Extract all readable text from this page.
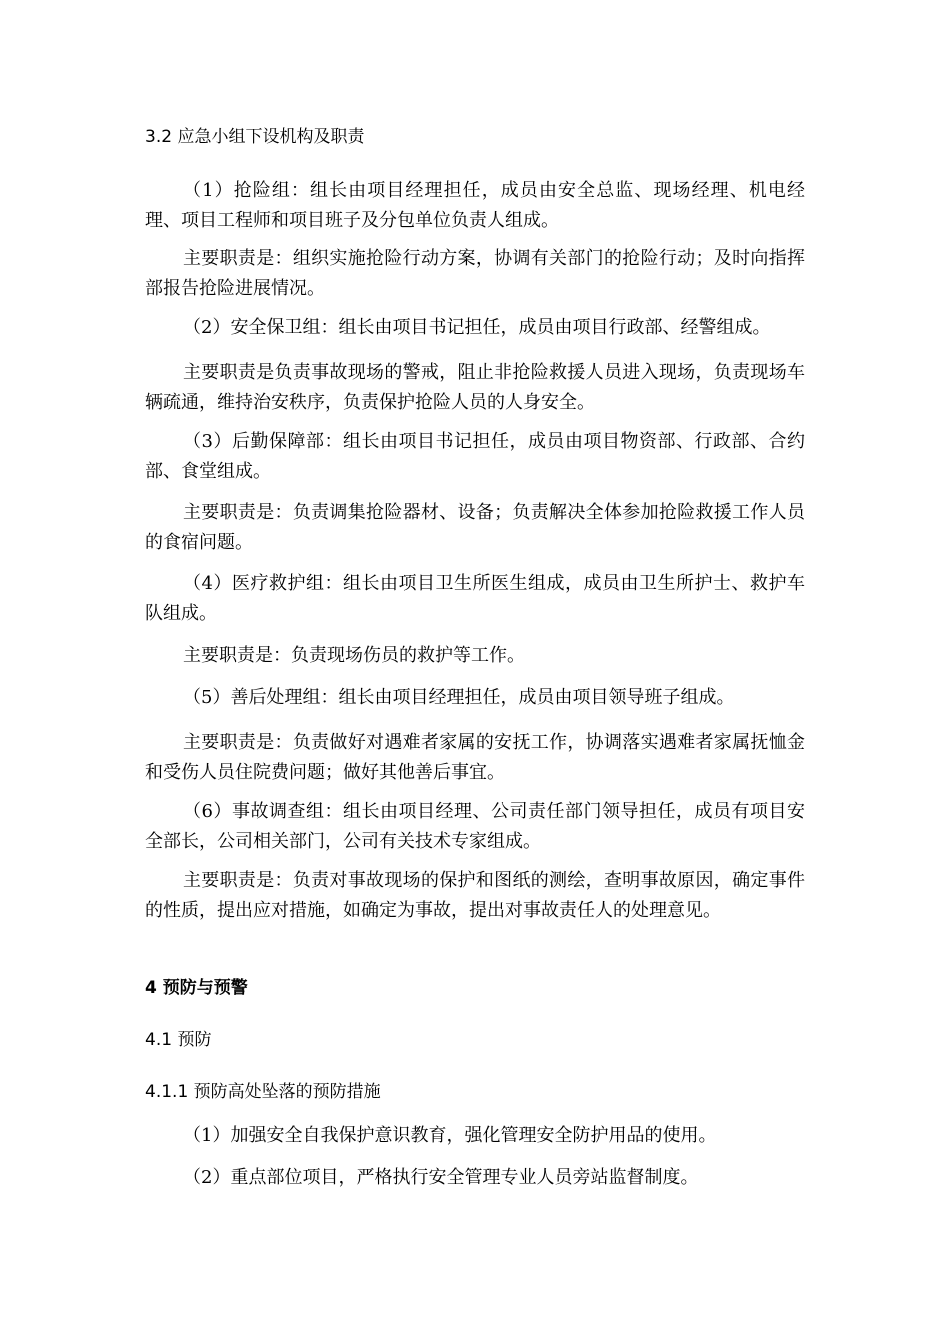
3.2 应急小组下设机构及职责
（1）抢险组：组长由项目经理担任，成员由安全总监、现场经理、机电经理、项目工程师和项目班子及分包单位负责人组成。
主要职责是：组织实施抢险行动方案，协调有关部门的抢险行动；及时向指挥部报告抢险进展情况。
（2）安全保卫组：组长由项目书记担任，成员由项目行政部、经警组成。
主要职责是负责事故现场的警戒，阻止非抢险救援人员进入现场，负责现场车辆疏通，维持治安秩序，负责保护抢险人员的人身安全。
（3）后勤保障部：组长由项目书记担任，成员由项目物资部、行政部、合约部、食堂组成。
主要职责是：负责调集抢险器材、设备；负责解决全体参加抢险救援工作人员的食宿问题。
（4）医疗救护组：组长由项目卫生所医生组成，成员由卫生所护士、救护车队组成。
主要职责是：负责现场伤员的救护等工作。
（5）善后处理组：组长由项目经理担任，成员由项目领导班子组成。
主要职责是：负责做好对遇难者家属的安抚工作，协调落实遇难者家属抚恤金和受伤人员住院费问题；做好其他善后事宜。
（6）事故调查组：组长由项目经理、公司责任部门领导担任，成员有项目安全部长，公司相关部门，公司有关技术专家组成。
主要职责是：负责对事故现场的保护和图纸的测绘，查明事故原因，确定事件的性质，提出应对措施，如确定为事故，提出对事故责任人的处理意见。
4 预防与预警
4.1 预防
4.1.1 预防高处坠落的预防措施
（1）加强安全自我保护意识教育，强化管理安全防护用品的使用。
（2）重点部位项目，严格执行安全管理专业人员旁站监督制度。
